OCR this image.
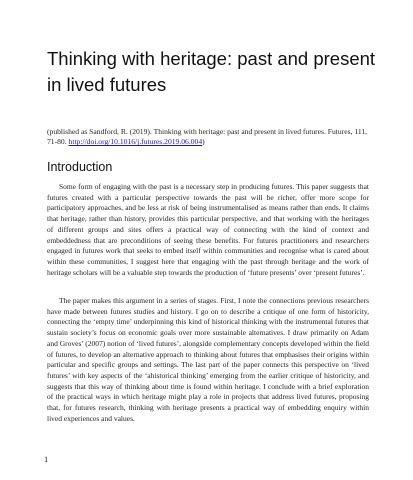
Thinking with heritage: past and present in lived futures

(published as Sandford, R. (2019). Thinking with heritage: past and present in lived futures. Futures, 111, 71-80. http://doi.org/10.1016/j.futures.2019.06.004)

Introduction

Some form of engaging with the past is a necessary step in producing futures. This paper suggests that futures created with a particular perspective towards the past will be richer, offer more scope for participatory approaches, and be less at risk of being instrumentalised as means rather than ends. It claims that heritage, rather than history, provides this particular perspective, and that working with the heritages of different groups and sites offers a practical way of connecting with the kind of context and embeddedness that are preconditions of seeing these benefits. For futures practitioners and researchers engaged in futures work that seeks to embed itself within communities and recognise what is cared about within these communities, I suggest here that engaging with the past through heritage and the work of heritage scholars will be a valuable step towards the production of ‘future presents’ over ‘present futures’.

The paper makes this argument in a series of stages. First, I note the connections previous researchers have made between futures studies and history. I go on to describe a critique of one form of historicity, connecting the ‘empty time’ underpinning this kind of historical thinking with the instrumental futures that sustain society’s focus on economic goals over more sustainable alternatives. I draw primarily on Adam and Groves’ (2007) notion of ‘lived futures’, alongside complementary concepts developed within the field of futures, to develop an alternative approach to thinking about futures that emphasises their origins within particular and specific groups and settings. The last part of the paper connects this perspective on ‘lived futures’ with key aspects of the ‘ahistorical thinking’ emerging from the earlier critique of historicity, and suggests that this way of thinking about time is found within heritage. I conclude with a brief exploration of the practical ways in which heritage might play a role in projects that address lived futures, proposing that, for futures research, thinking with heritage presents a practical way of embedding enquiry within lived experiences and values.

1
